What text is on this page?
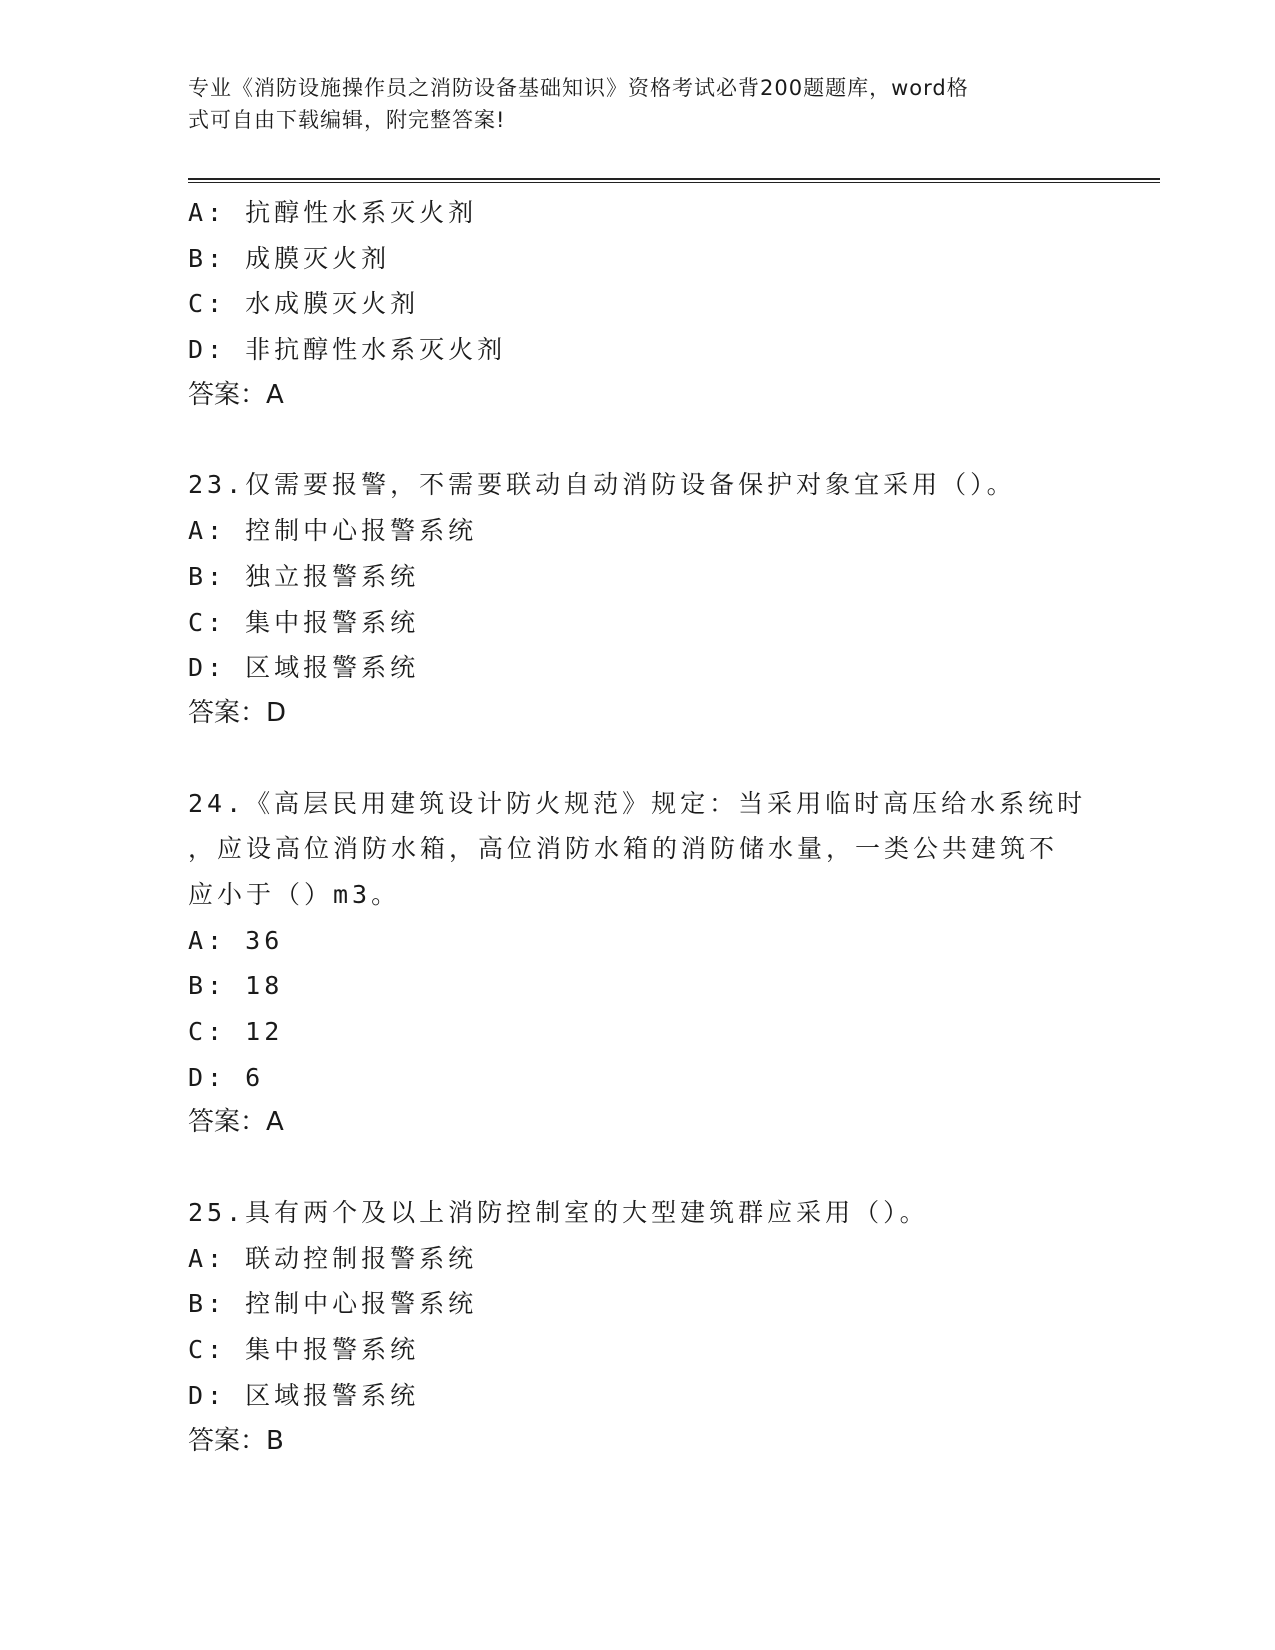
专业《消防设施操作员之消防设备基础知识》资格考试必背200题题库，word格
式可自由下载编辑，附完整答案!
A: 抗醇性水系灭火剂
B: 成膜灭火剂
C: 水成膜灭火剂
D: 非抗醇性水系灭火剂
答案：A
23.仅需要报警，不需要联动自动消防设备保护对象宜采用（）。
A: 控制中心报警系统
B: 独立报警系统
C: 集中报警系统
D: 区域报警系统
答案：D
24.《高层民用建筑设计防火规范》规定：当采用临时高压给水系统时
，应设高位消防水箱，高位消防水箱的消防储水量，一类公共建筑不
应小于（）m3。
A: 36
B: 18
C: 12
D: 6
答案：A
25.具有两个及以上消防控制室的大型建筑群应采用（）。
A: 联动控制报警系统
B: 控制中心报警系统
C: 集中报警系统
D: 区域报警系统
答案：B
